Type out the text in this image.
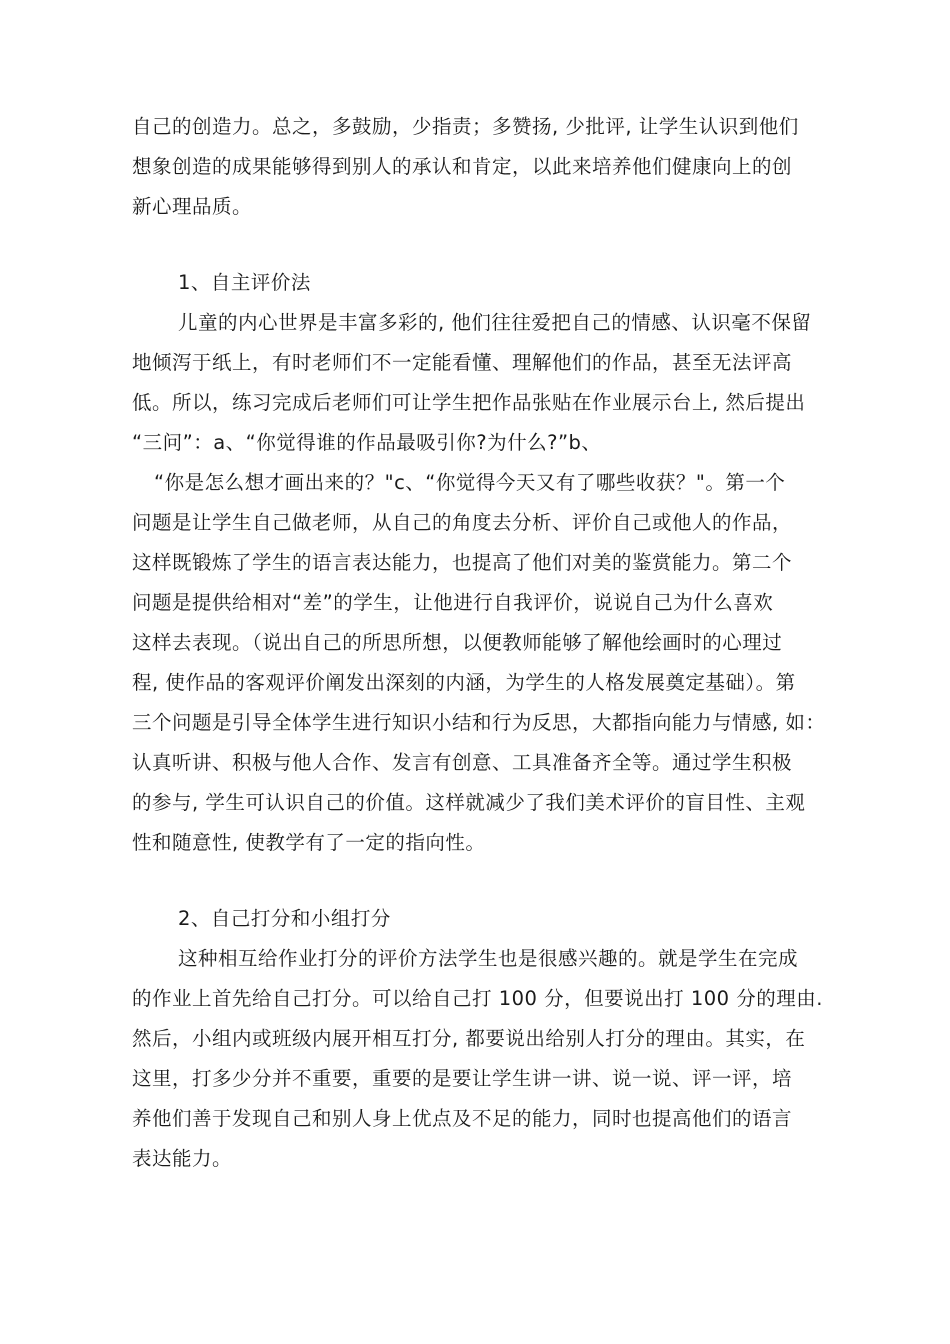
自己的创造力。总之，多鼓励，少指责；多赞扬, 少批评, 让学生认识到他们
想象创造的成果能够得到别人的承认和肯定，以此来培养他们健康向上的创
新心理品质。
1、自主评价法
儿童的内心世界是丰富多彩的, 他们往往爱把自己的情感、认识毫不保留
地倾泻于纸上，有时老师们不一定能看懂、理解他们的作品，甚至无法评高
低。所以，练习完成后老师们可让学生把作品张贴在作业展示台上, 然后提出
“三问”：a、“你觉得谁的作品最吸引你?为什么?”b、
“你是怎么想才画出来的？"c、“你觉得今天又有了哪些收获？"。第一个
问题是让学生自己做老师，从自己的角度去分析、评价自己或他人的作品，
这样既锻炼了学生的语言表达能力，也提高了他们对美的鉴赏能力。第二个
问题是提供给相对“差”的学生，让他进行自我评价，说说自己为什么喜欢
这样去表现。（说出自己的所思所想，以便教师能够了解他绘画时的心理过
程, 使作品的客观评价阐发出深刻的内涵，为学生的人格发展奠定基础）。第
三个问题是引导全体学生进行知识小结和行为反思，大都指向能力与情感, 如：
认真听讲、积极与他人合作、发言有创意、工具准备齐全等。通过学生积极
的参与, 学生可认识自己的价值。这样就减少了我们美术评价的盲目性、主观
性和随意性, 使教学有了一定的指向性。
2、自己打分和小组打分
这种相互给作业打分的评价方法学生也是很感兴趣的。就是学生在完成
的作业上首先给自己打分。可以给自己打 100 分，但要说出打 100 分的理由.
然后，小组内或班级内展开相互打分, 都要说出给别人打分的理由。其实，在
这里，打多少分并不重要，重要的是要让学生讲一讲、说一说、评一评，培
养他们善于发现自己和别人身上优点及不足的能力，同时也提高他们的语言
表达能力。
